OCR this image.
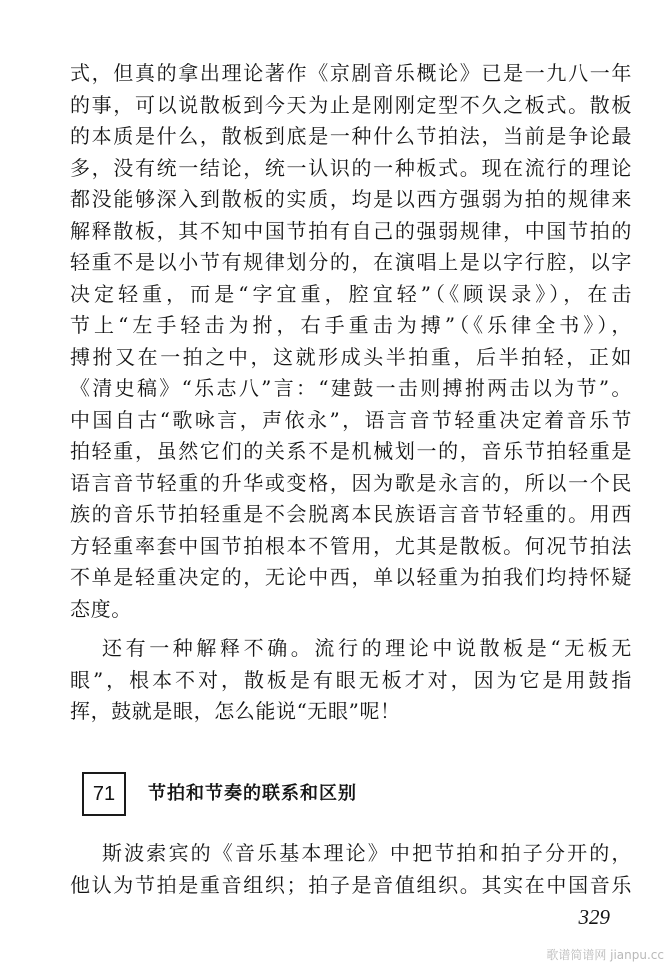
式，但真的拿出理论著作《京剧音乐概论》已是一九八一年
的事，可以说散板到今天为止是刚刚定型不久之板式。散板
的本质是什么，散板到底是一种什么节拍法，当前是争论最
多，没有统一结论，统一认识的一种板式。现在流行的理论
都没能够深入到散板的实质，均是以西方强弱为拍的规律来
解释散板，其不知中国节拍有自己的强弱规律，中国节拍的
轻重不是以小节有规律划分的，在演唱上是以字行腔，以字
决定轻重，而是“字宜重，腔宜轻”（《顾误录》），在击
节上“左手轻击为拊，右手重击为搏”（《乐律全书》），
搏拊又在一拍之中，这就形成头半拍重，后半拍轻，正如
《清史稿》“乐志八”言：“建鼓一击则搏拊两击以为节”。
中国自古“歌咏言，声依永”，语言音节轻重决定着音乐节
拍轻重，虽然它们的关系不是机械划一的，音乐节拍轻重是
语言音节轻重的升华或变格，因为歌是永言的，所以一个民
族的音乐节拍轻重是不会脱离本民族语言音节轻重的。用西
方轻重率套中国节拍根本不管用，尤其是散板。何况节拍法
不单是轻重决定的，无论中西，单以轻重为拍我们均持怀疑
态度。
还有一种解释不确。流行的理论中说散板是“无板无
眼”，根本不对，散板是有眼无板才对，因为它是用鼓指
挥，鼓就是眼，怎么能说“无眼”呢！
71	节拍和节奏的联系和区别
斯波索宾的《音乐基本理论》中把节拍和拍子分开的，
他认为节拍是重音组织；拍子是音值组织。其实在中国音乐
329
歌谱简谱网 jianpu.cc
